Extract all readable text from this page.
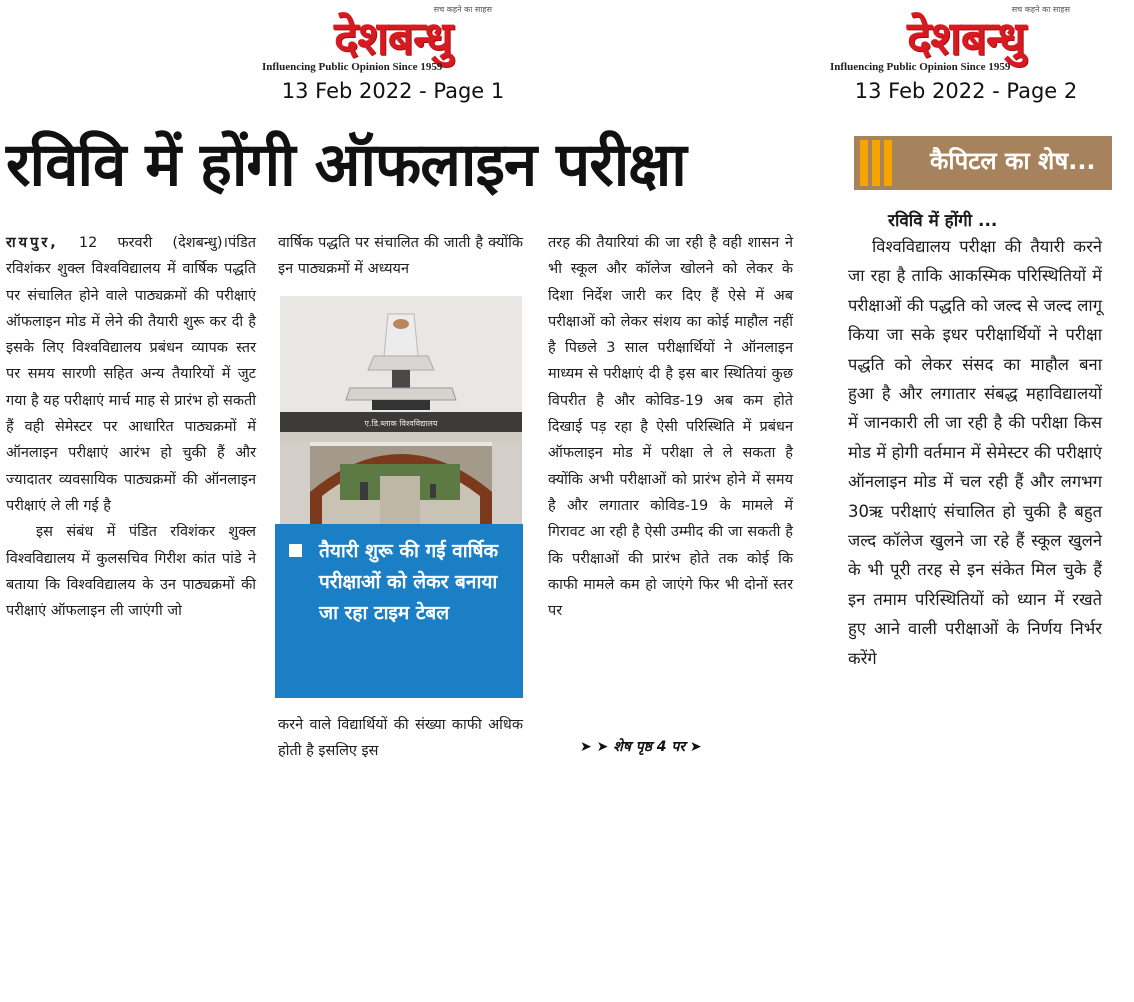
सच कहने का साहस
देशबन्धु
Influencing Public Opinion Since 1959
13 Feb 2022 - Page 1
सच कहने का साहस
देशबन्धु
Influencing Public Opinion Since 1959
13 Feb 2022 - Page 2
रविवि में होंगी ऑफलाइन परीक्षा

रायपुर, 12 फरवरी (देशबन्धु)।पंडित रविशंकर शुक्ल विश्वविद्यालय में वार्षिक पद्धति पर संचालित होने वाले पाठ्यक्रमों की परीक्षाएं ऑफलाइन मोड में लेने की तैयारी शुरू कर दी है इसके लिए विश्वविद्यालय प्रबंधन व्यापक स्तर पर समय सारणी सहित अन्य तैयारियों में जुट गया है यह परीक्षाएं मार्च माह से प्रारंभ हो सकती हैं वही सेमेस्टर पर आधारित पाठ्यक्रमों में ऑनलाइन परीक्षाएं आरंभ हो चुकी हैं और ज्यादातर व्यवसायिक पाठ्यक्रमों की ऑनलाइन परीक्षाएं ले ली गई है

इस संबंध में पंडित रविशंकर शुक्ल विश्वविद्यालय में कुलसचिव गिरीश कांत पांडे ने बताया कि विश्वविद्यालय के उन पाठ्यक्रमों की परीक्षाएं ऑफलाइन ली जाएंगी जो

वार्षिक पद्धति पर संचालित की जाती है क्योंकि इन पाठ्यक्रमों में अध्ययन

ए.डि.ब्लाक विश्वविद्यालय

तैयारी शुरू की गई वार्षिक परीक्षाओं को लेकर बनाया जा रहा टाइम टेबल

करने वाले विद्यार्थियों की संख्या काफी अधिक होती है इसलिए इस

तरह की तैयारियां की जा रही है वही शासन ने भी स्कूल और कॉलेज खोलने को लेकर के दिशा निर्देश जारी कर दिए हैं ऐसे में अब परीक्षाओं को लेकर संशय का कोई माहौल नहीं है पिछले 3 साल परीक्षार्थियों ने ऑनलाइन माध्यम से परीक्षाएं दी है इस बार स्थितियां कुछ विपरीत है और कोविड-19 अब कम होते दिखाई पड़ रहा है ऐसी परिस्थिति में प्रबंधन ऑफलाइन मोड में परीक्षा ले ले सकता है क्योंकि अभी परीक्षाओं को प्रारंभ होने में समय है और लगातार कोविड-19 के मामले में गिरावट आ रही है ऐसी उम्मीद की जा सकती है कि परीक्षाओं की प्रारंभ होते तक कोई कि काफी मामले कम हो जाएंगे फिर भी दोनों स्तर पर

➤ ➤ शेष पृष्ठ 4 पर ➤

कैपिटल का शेष...
रविवि में होंगी ...

विश्वविद्यालय परीक्षा की तैयारी करने जा रहा है ताकि आकस्मिक परिस्थितियों में परीक्षाओं की पद्धति को जल्द से जल्द लागू किया जा सके इधर परीक्षार्थियों ने परीक्षा पद्धति को लेकर संसद का माहौल बना हुआ है और लगातार संबद्ध महाविद्यालयों में जानकारी ली जा रही है की परीक्षा किस मोड में होगी वर्तमान में सेमेस्टर की परीक्षाएं ऑनलाइन मोड में चल रही हैं और लगभग 30ऋ परीक्षाएं संचालित हो चुकी है बहुत जल्द कॉलेज खुलने जा रहे हैं स्कूल खुलने के भी पूरी तरह से इन संकेत मिल चुके हैं इन तमाम परिस्थितियों को ध्यान में रखते हुए आने वाली परीक्षाओं के निर्णय निर्भर करेंगे
